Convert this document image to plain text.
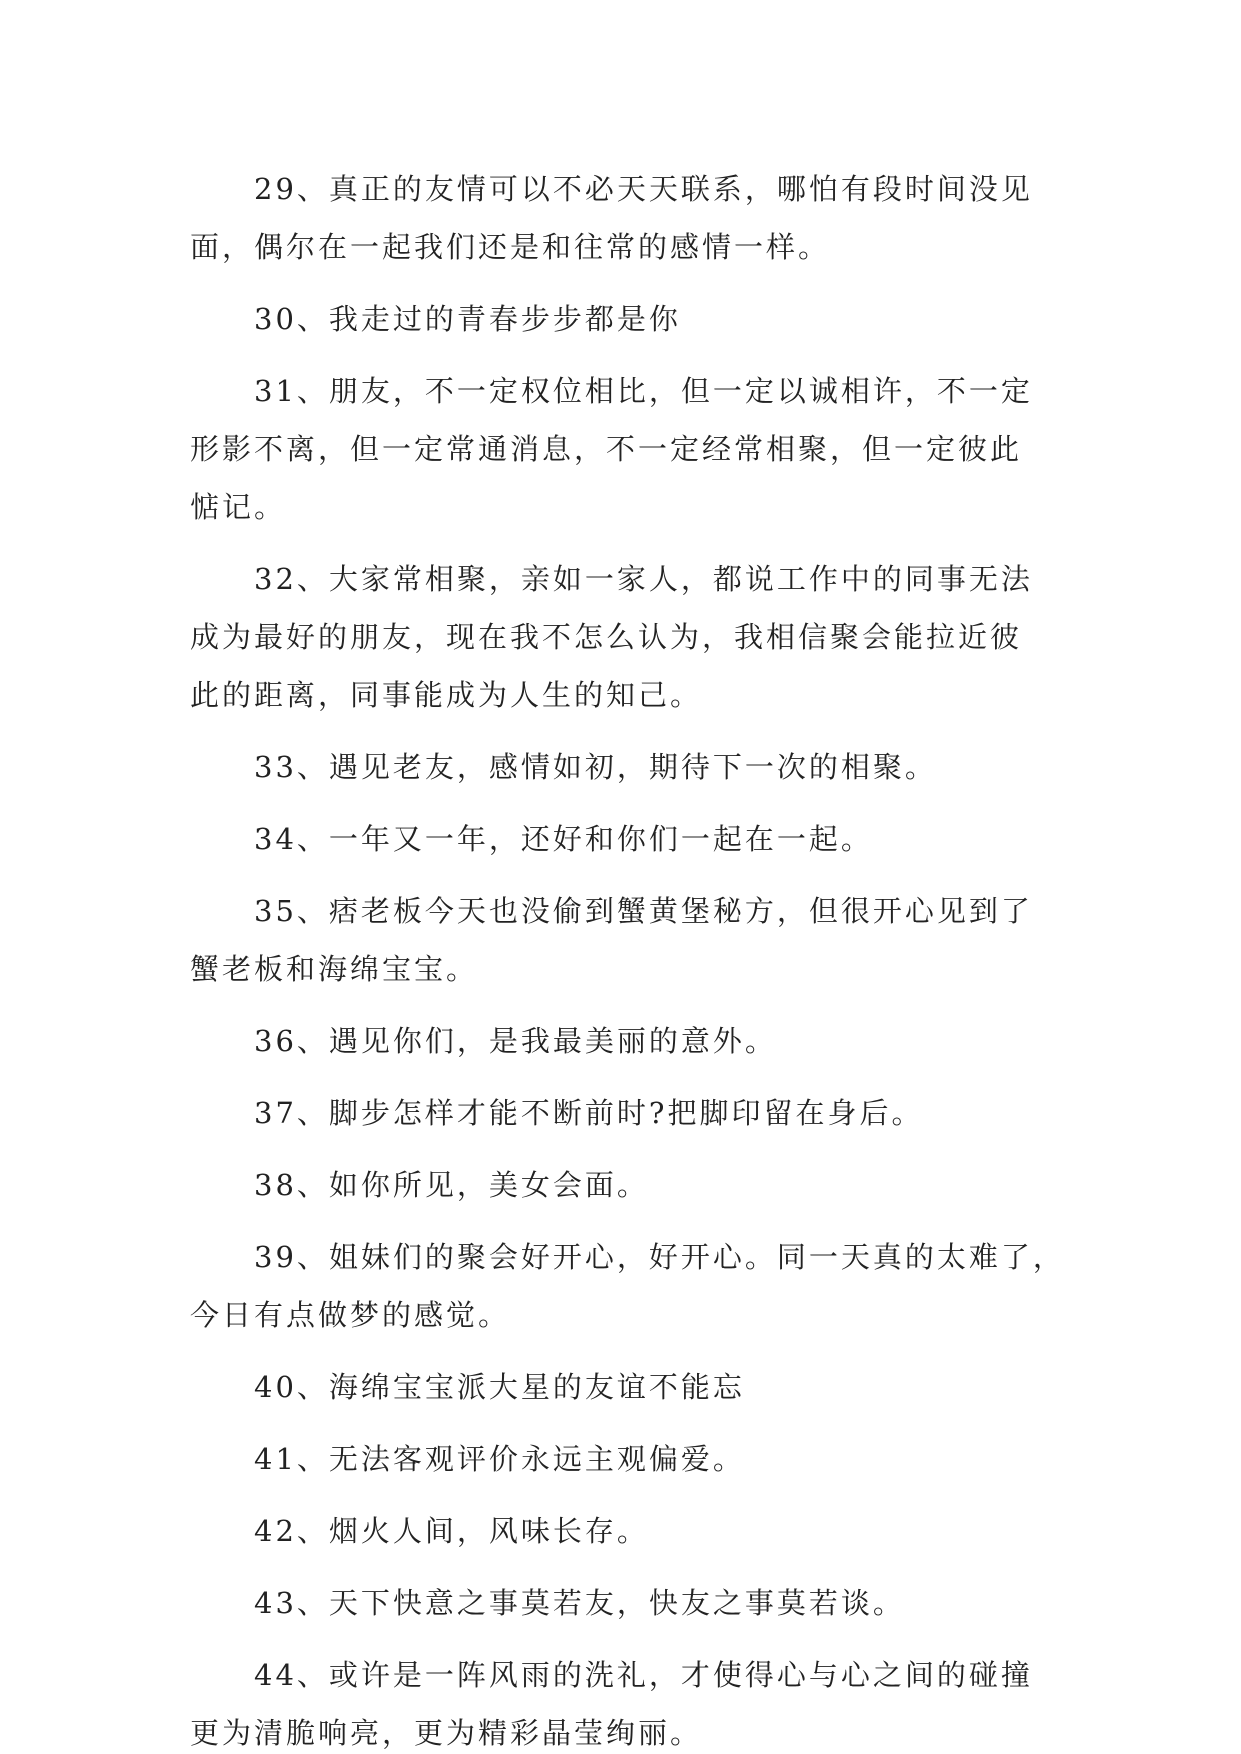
29、真正的友情可以不必天天联系，哪怕有段时间没见
面，偶尔在一起我们还是和往常的感情一样。

30、我走过的青春步步都是你

31、朋友，不一定权位相比，但一定以诚相许，不一定
形影不离，但一定常通消息，不一定经常相聚，但一定彼此
惦记。

32、大家常相聚，亲如一家人，都说工作中的同事无法
成为最好的朋友，现在我不怎么认为，我相信聚会能拉近彼
此的距离，同事能成为人生的知己。

33、遇见老友，感情如初，期待下一次的相聚。

34、一年又一年，还好和你们一起在一起。

35、痞老板今天也没偷到蟹黄堡秘方，但很开心见到了
蟹老板和海绵宝宝。

36、遇见你们，是我最美丽的意外。

37、脚步怎样才能不断前时?把脚印留在身后。

38、如你所见，美女会面。

39、姐妹们的聚会好开心，好开心。同一天真的太难了，
今日有点做梦的感觉。

40、海绵宝宝派大星的友谊不能忘

41、无法客观评价永远主观偏爱。

42、烟火人间，风味长存。

43、天下快意之事莫若友，快友之事莫若谈。

44、或许是一阵风雨的洗礼，才使得心与心之间的碰撞
更为清脆响亮，更为精彩晶莹绚丽。
